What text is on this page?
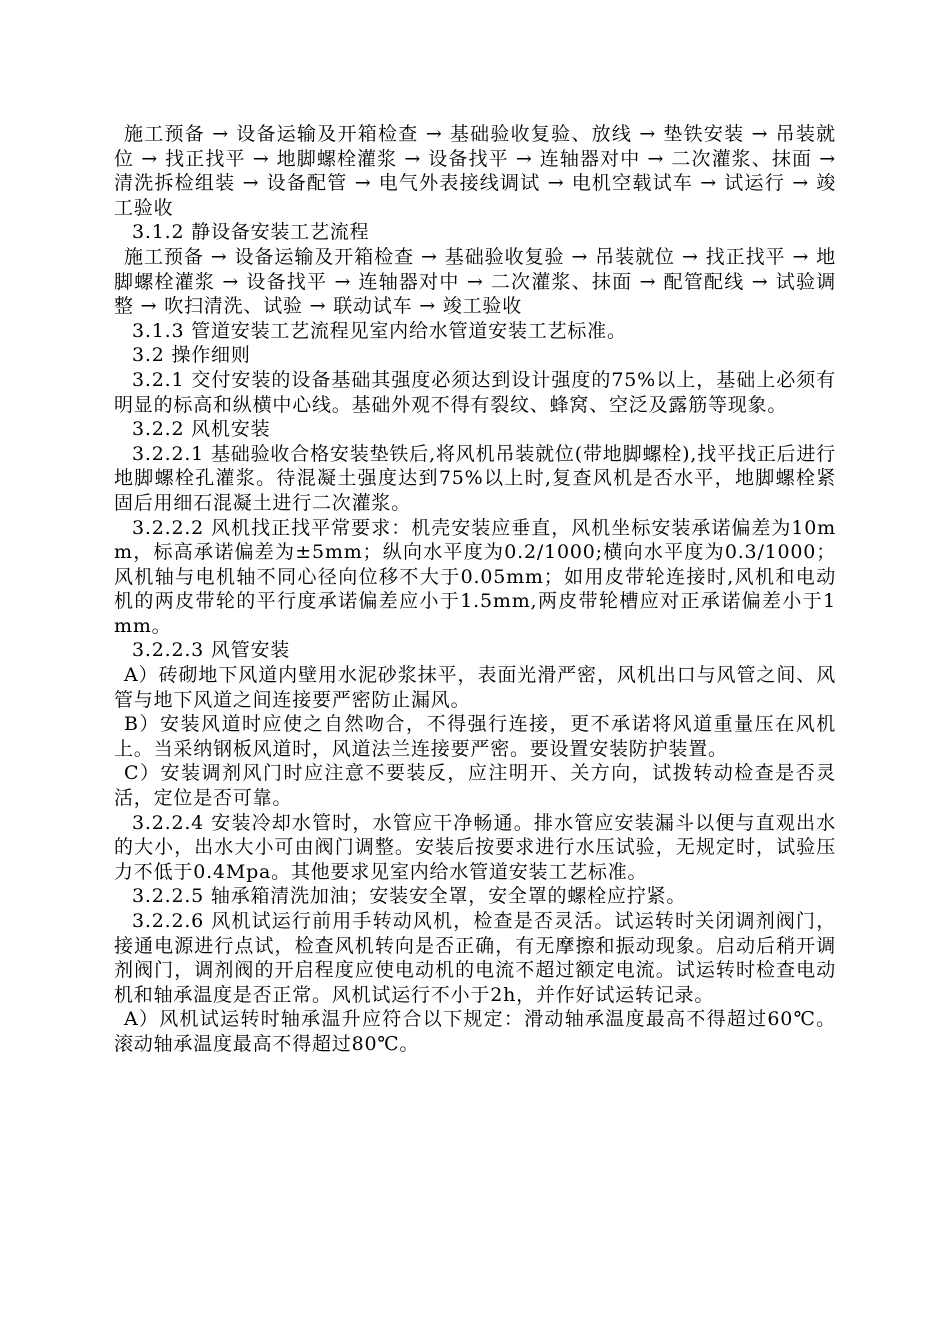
施工预备 → 设备运输及开箱检查 → 基础验收复验、放线 → 垫铁安装 → 吊装就位 → 找正找平 → 地脚螺栓灌浆 → 设备找平 → 连轴器对中 → 二次灌浆、抹面 → 清洗拆检组装 → 设备配管 → 电气外表接线调试 → 电机空载试车 → 试运行 → 竣工验收

3.1.2 静设备安装工艺流程

施工预备 → 设备运输及开箱检查 → 基础验收复验 → 吊装就位 → 找正找平 → 地脚螺栓灌浆 → 设备找平 → 连轴器对中 → 二次灌浆、抹面 → 配管配线 → 试验调整 → 吹扫清洗、试验 → 联动试车 → 竣工验收

3.1.3 管道安装工艺流程见室内给水管道安装工艺标准。

3.2 操作细则

3.2.1 交付安装的设备基础其强度必须达到设计强度的75%以上，基础上必须有明显的标高和纵横中心线。基础外观不得有裂纹、蜂窝、空泛及露筋等现象。

3.2.2 风机安装

3.2.2.1 基础验收合格安装垫铁后,将风机吊装就位(带地脚螺栓),找平找正后进行地脚螺栓孔灌浆。待混凝土强度达到75%以上时,复查风机是否水平，地脚螺栓紧固后用细石混凝土进行二次灌浆。

3.2.2.2 风机找正找平常要求：机壳安装应垂直，风机坐标安装承诺偏差为10mm，标高承诺偏差为±5mm；纵向水平度为0.2/1000;横向水平度为0.3/1000；风机轴与电机轴不同心径向位移不大于0.05mm；如用皮带轮连接时,风机和电动机的两皮带轮的平行度承诺偏差应小于1.5mm,两皮带轮槽应对正承诺偏差小于1mm。

3.2.2.3 风管安装

A）砖砌地下风道内壁用水泥砂浆抹平，表面光滑严密，风机出口与风管之间、风管与地下风道之间连接要严密防止漏风。

B）安装风道时应使之自然吻合，不得强行连接，更不承诺将风道重量压在风机上。当采纳钢板风道时，风道法兰连接要严密。要设置安装防护装置。

C）安装调剂风门时应注意不要装反，应注明开、关方向，试拨转动检查是否灵活，定位是否可靠。

3.2.2.4 安装冷却水管时，水管应干净畅通。排水管应安装漏斗以便与直观出水的大小，出水大小可由阀门调整。安装后按要求进行水压试验，无规定时，试验压力不低于0.4Mpa。其他要求见室内给水管道安装工艺标准。

3.2.2.5 轴承箱清洗加油；安装安全罩，安全罩的螺栓应拧紧。

3.2.2.6 风机试运行前用手转动风机，检查是否灵活。试运转时关闭调剂阀门，接通电源进行点试，检查风机转向是否正确，有无摩擦和振动现象。启动后稍开调剂阀门，调剂阀的开启程度应使电动机的电流不超过额定电流。试运转时检查电动机和轴承温度是否正常。风机试运行不小于2h，并作好试运转记录。

A）风机试运转时轴承温升应符合以下规定：滑动轴承温度最高不得超过60℃。滚动轴承温度最高不得超过80℃。
